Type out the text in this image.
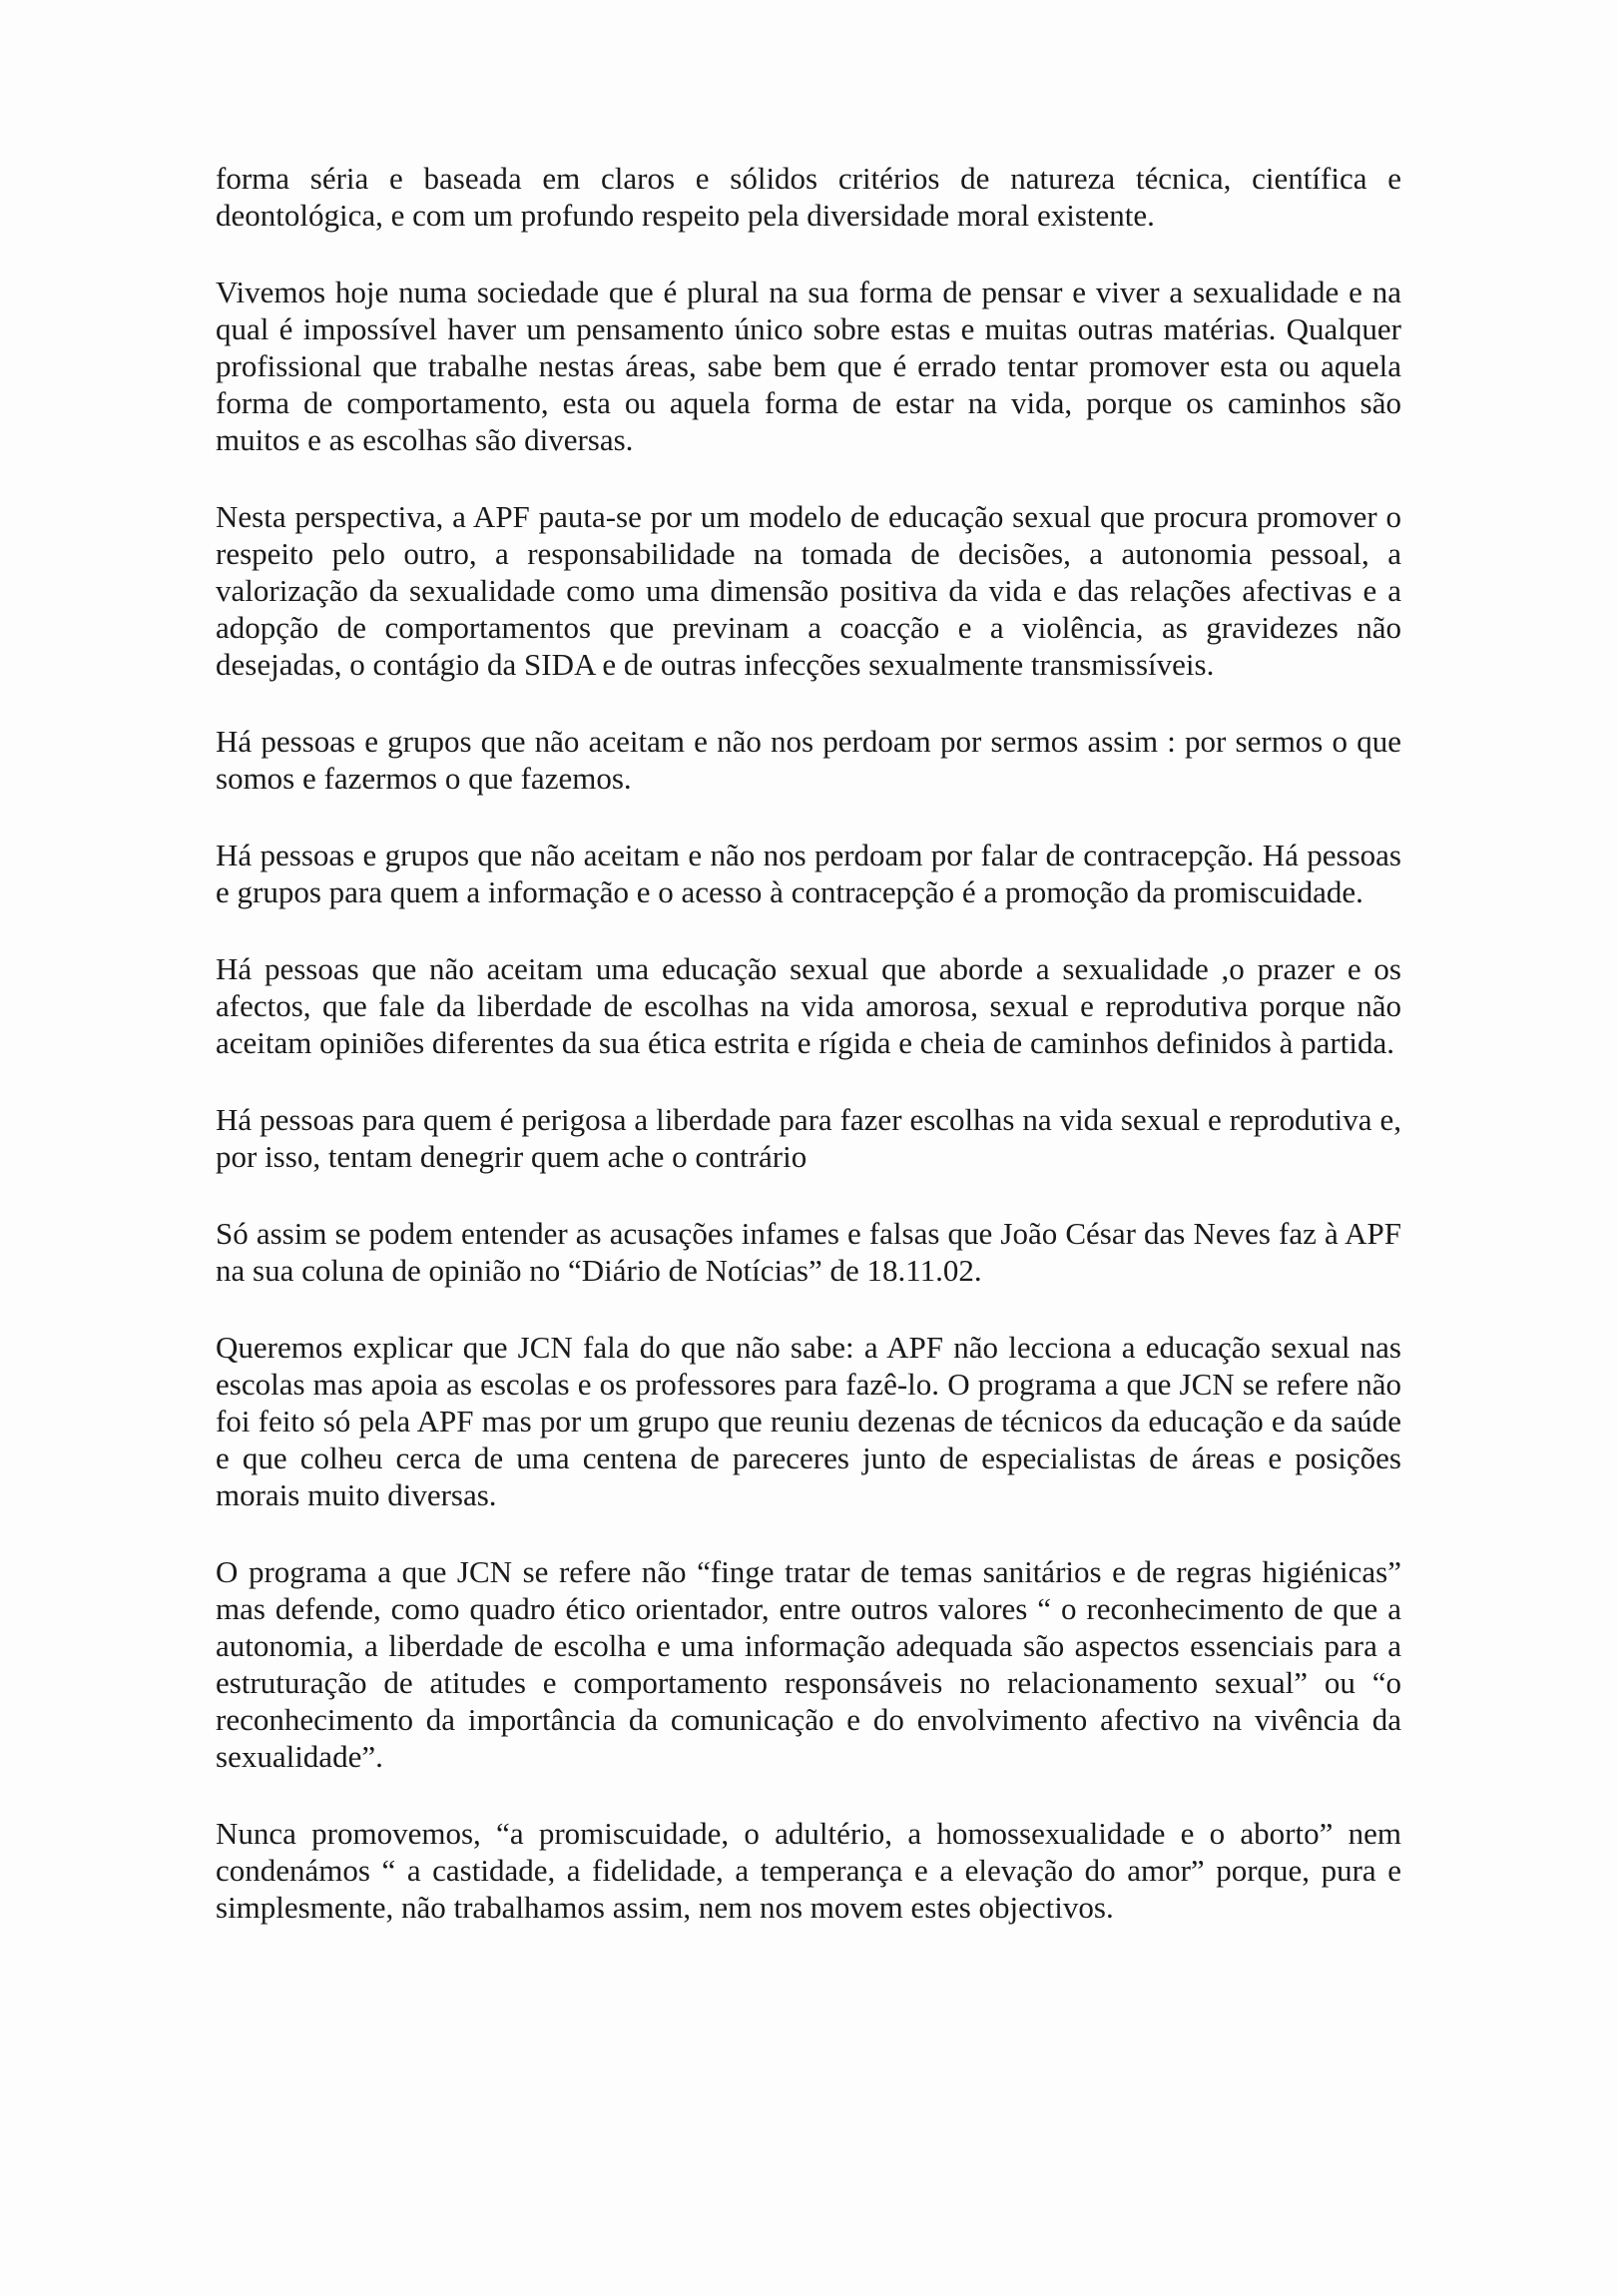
forma séria e baseada em claros e sólidos critérios de natureza técnica, científica e deontológica, e com um profundo respeito pela diversidade moral existente.

Vivemos hoje numa sociedade que é plural na sua forma de pensar e viver a sexualidade e na qual é impossível haver um pensamento único sobre estas e muitas outras matérias. Qualquer profissional que trabalhe nestas áreas, sabe bem que é errado tentar promover esta ou aquela forma de comportamento, esta ou aquela forma de estar na vida, porque os caminhos são muitos e as escolhas são diversas.

Nesta perspectiva, a APF pauta-se por um modelo de educação sexual que procura promover o respeito pelo outro, a responsabilidade na tomada de decisões, a autonomia pessoal, a valorização da sexualidade como uma dimensão positiva da vida e das relações afectivas e a adopção de comportamentos que previnam a coacção e a violência, as gravidezes não desejadas, o contágio da SIDA e de outras infecções sexualmente transmissíveis.

Há pessoas e grupos que não aceitam e não nos perdoam por sermos assim : por sermos o que somos e fazermos o que fazemos.

Há pessoas e grupos que não aceitam e não nos perdoam por falar de contracepção. Há pessoas e grupos para quem a informação e o acesso à contracepção é a promoção da promiscuidade.

Há pessoas que não aceitam uma educação sexual que aborde a sexualidade ,o prazer e os afectos, que fale da liberdade de escolhas na vida amorosa, sexual e reprodutiva porque não aceitam opiniões diferentes da sua ética estrita e rígida e cheia de caminhos definidos à partida.

Há pessoas para quem é perigosa a liberdade para fazer escolhas na vida sexual e reprodutiva e, por isso, tentam denegrir quem ache o contrário

Só assim se podem entender as acusações infames e falsas que João César das Neves faz à APF na sua coluna de opinião no “Diário de Notícias” de 18.11.02.

Queremos explicar que JCN fala do que não sabe: a APF não lecciona a educação sexual nas escolas mas apoia as escolas e os professores para fazê-lo. O programa a que JCN se refere não foi feito só pela APF mas por um grupo que reuniu dezenas de técnicos da educação e da saúde e que colheu cerca de uma centena de pareceres junto de especialistas de áreas e posições morais muito diversas.

O programa a que JCN se refere não “finge tratar de temas sanitários e de regras higiénicas” mas defende, como quadro ético orientador, entre outros valores “ o reconhecimento de que a autonomia, a liberdade de escolha e uma informação adequada são aspectos essenciais para a estruturação de atitudes e comportamento responsáveis no relacionamento sexual” ou “o reconhecimento da importância da comunicação e do envolvimento afectivo na vivência da sexualidade”.

Nunca promovemos, “a promiscuidade, o adultério, a homossexualidade e o aborto” nem condenámos “ a castidade, a fidelidade, a temperança e a elevação do amor” porque, pura e simplesmente, não trabalhamos assim, nem nos movem estes objectivos.
